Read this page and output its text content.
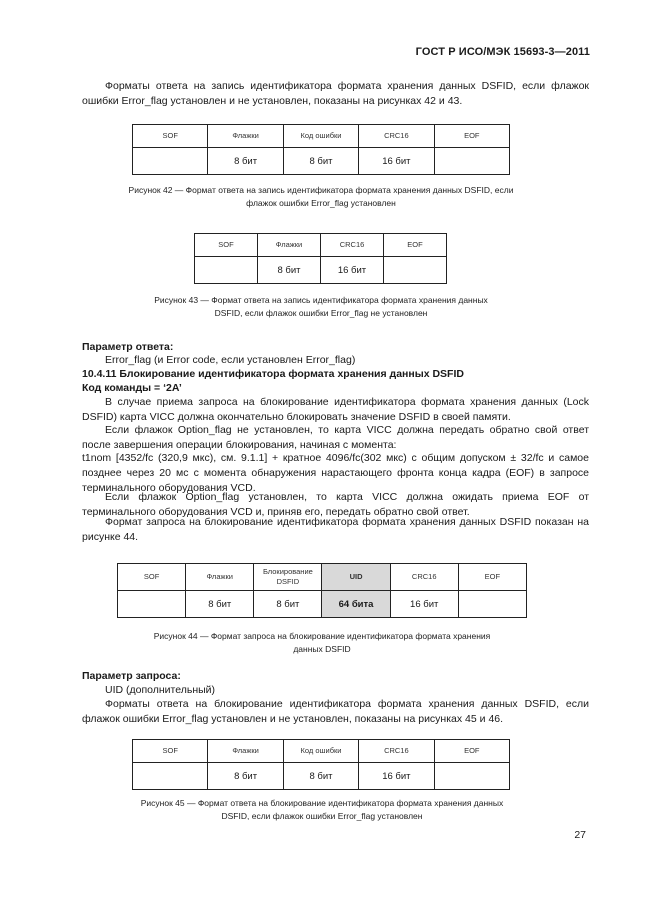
ГОСТ Р ИСО/МЭК 15693-3—2011

Форматы ответа на запись идентификатора формата хранения данных DSFID, если флажок ошибки Error_flag установлен и не установлен, показаны на рисунках 42 и 43.

SOF	Флажки	Код ошибки	CRC16	EOF
	8 бит	8 бит	16 бит	

Рисунок 42 — Формат ответа на запись идентификатора формата хранения данных DSFID, если флажок ошибки Error_flag установлен

SOF	Флажки	CRC16	EOF
	8 бит	16 бит	

Рисунок 43 — Формат ответа на запись идентификатора формата хранения данных DSFID, если флажок ошибки Error_flag не установлен

Параметр ответа:

Error_flag (и Error code, если установлен Error_flag)

10.4.11 Блокирование идентификатора формата хранения данных DSFID

Код команды = ‘2А’

В случае приема запроса на блокирование идентификатора формата хранения данных (Lock DSFID) карта VICC должна окончательно блокировать значение DSFID в своей памяти.

Если флажок Option_flag не установлен, то карта VICC должна передать обратно свой ответ после завершения операции блокирования, начиная с момента:

t1nom [4352/fc (320,9 мкс), см. 9.1.1] + кратное 4096/fc(302 мкс) с общим допуском ± 32/fc и самое позднее через 20 мс с момента обнаружения нарастающего фронта конца кадра (EOF) в запросе терминального оборудования VCD.

Если флажок Option_flag установлен, то карта VICC должна ожидать приема EOF от терминального оборудования VCD и, приняв его, передать обратно свой ответ.

Формат запроса на блокирование идентификатора формата хранения данных DSFID показан на рисунке 44.

SOF	Флажки	Блокирование DSFID	UID	CRC16	EOF
	8 бит	8 бит	64 бита	16 бит	

Рисунок 44 — Формат запроса на блокирование идентификатора формата хранения данных DSFID

Параметр запроса:

UID (дополнительный)

Форматы ответа на блокирование идентификатора формата хранения данных DSFID, если флажок ошибки Error_flag установлен и не установлен, показаны на рисунках 45 и 46.

SOF	Флажки	Код ошибки	CRC16	EOF
	8 бит	8 бит	16 бит	

Рисунок 45 — Формат ответа на блокирование идентификатора формата хранения данных DSFID, если флажок ошибки Error_flag установлен

27
